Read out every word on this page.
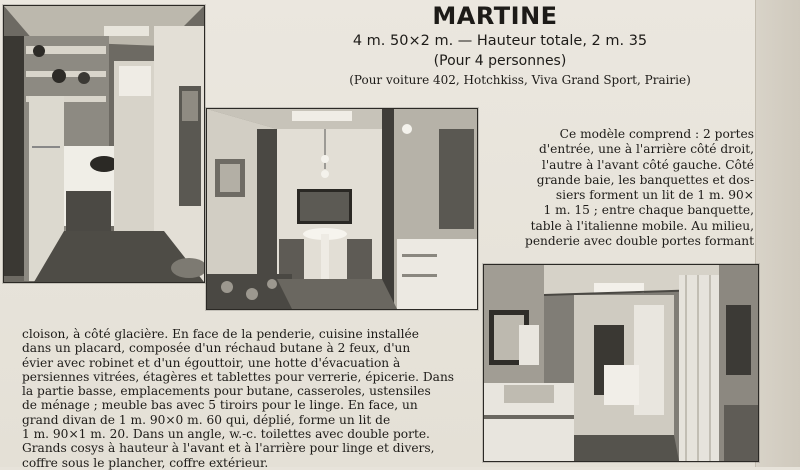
MARTINE
4 m. 50×2 m. — Hauteur totale, 2 m. 35
(Pour 4 personnes)
(Pour voiture 402, Hotchkiss, Viva Grand Sport, Prairie)
Ce modèle comprend : 2 portes
d'entrée, une à l'arrière côté droit,
l'autre à l'avant côté gauche. Côté
grande baie, les banquettes et dos-
siers forment un lit de 1 m. 90×
1 m. 15 ; entre chaque banquette,
table à l'italienne mobile. Au milieu,
penderie avec double portes formant
cloison, à côté glacière. En face de la penderie, cuisine installée
dans un placard, composée d'un réchaud butane à 2 feux, d'un
évier avec robinet et d'un égouttoir, une hotte d'évacuation à
persiennes vitrées, étagères et tablettes pour verrerie, épicerie. Dans
la partie basse, emplacements pour butane, casseroles, ustensiles
de ménage ; meuble bas avec 5 tiroirs pour le linge. En face, un
grand divan de 1 m. 90×0 m. 60 qui, déplié, forme un lit de
1 m. 90×1 m. 20. Dans un angle, w.-c. toilettes avec double porte.
Grands cosys à hauteur à l'avant et à l'arrière pour linge et divers,
coffre sous le plancher, coffre extérieur.
